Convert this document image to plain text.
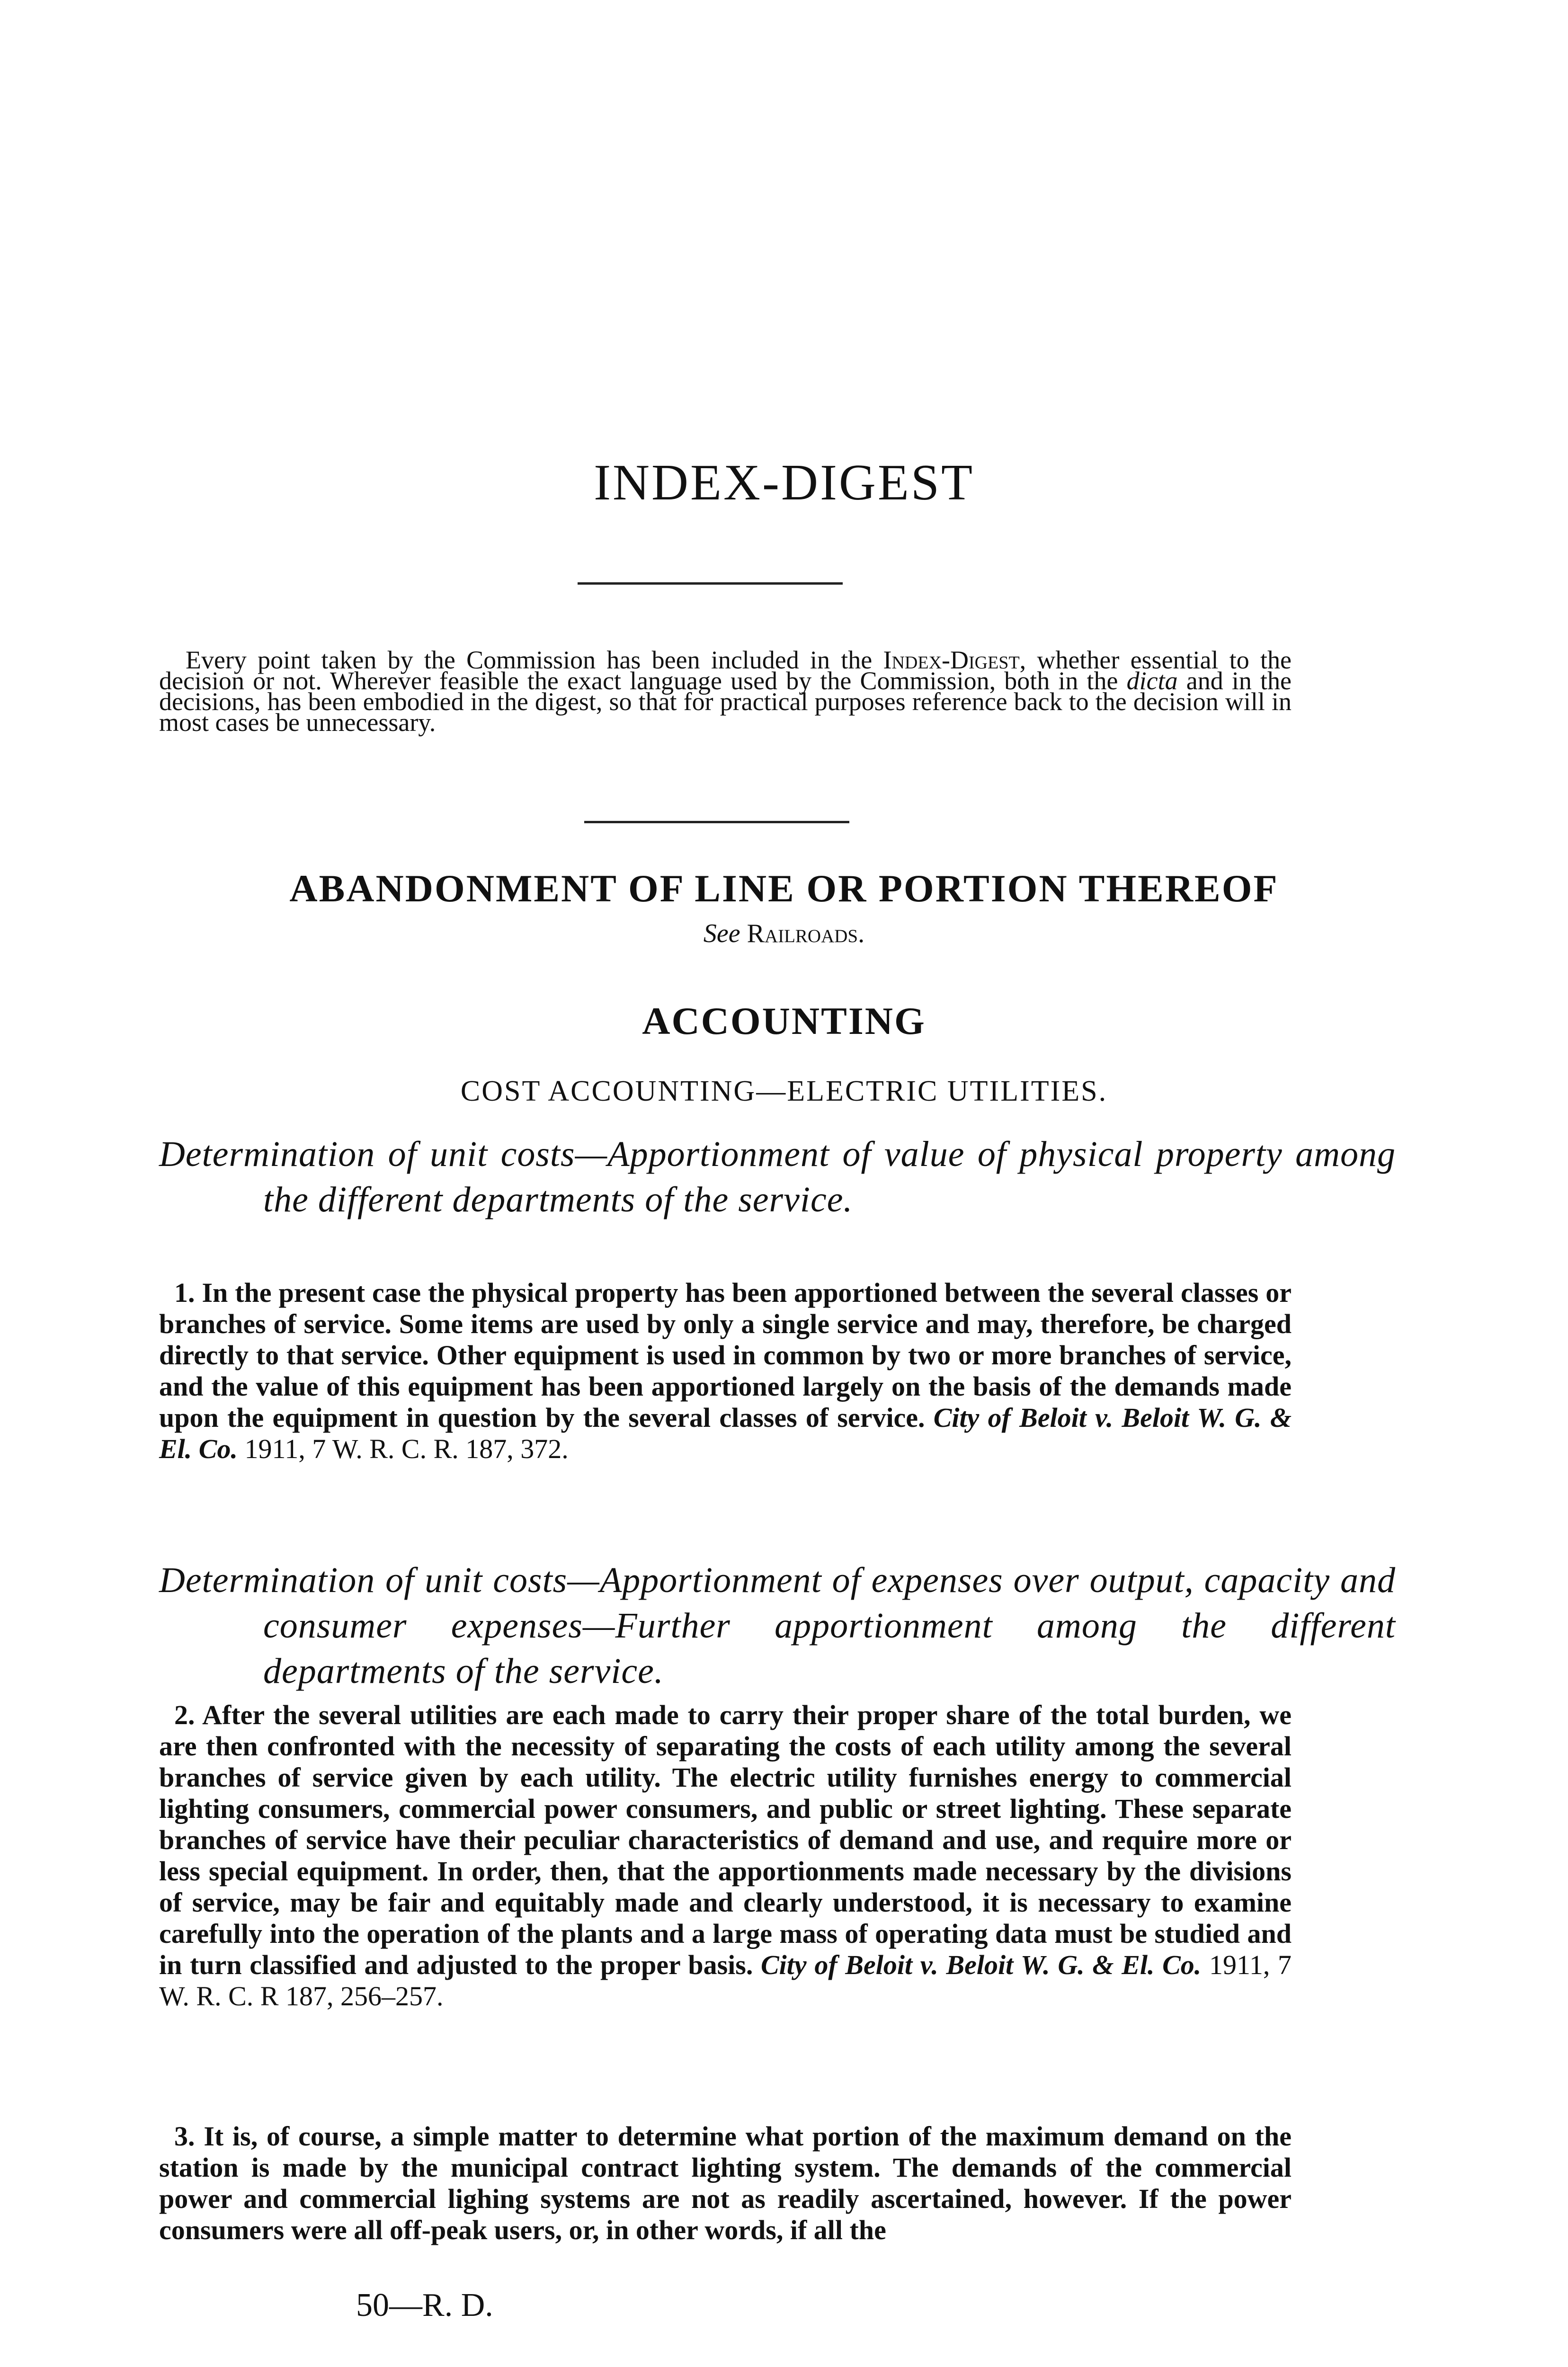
INDEX-DIGEST

Every point taken by the Commission has been included in the Index-Digest, whether essential to the decision or not. Wherever feasible the exact language used by the Commission, both in the dicta and in the decisions, has been embodied in the digest, so that for practical purposes reference back to the decision will in most cases be unnecessary.

ABANDONMENT OF LINE OR PORTION THEREOF

See Railroads.

ACCOUNTING

COST ACCOUNTING—ELECTRIC UTILITIES.

Determination of unit costs—Apportionment of value of physical property among the different departments of the service.

1. In the present case the physical property has been apportioned between the several classes or branches of service. Some items are used by only a single service and may, therefore, be charged directly to that service. Other equipment is used in common by two or more branches of service, and the value of this equipment has been apportioned largely on the basis of the demands made upon the equipment in question by the several classes of service. City of Beloit v. Beloit W. G. & El. Co. 1911, 7 W. R. C. R. 187, 372.

Determination of unit costs—Apportionment of expenses over output, capacity and consumer expenses—Further apportionment among the different departments of the service.

2. After the several utilities are each made to carry their proper share of the total burden, we are then confronted with the necessity of separating the costs of each utility among the several branches of service given by each utility. The electric utility furnishes energy to commercial lighting consumers, commercial power consumers, and public or street lighting. These separate branches of service have their peculiar characteristics of demand and use, and require more or less special equipment. In order, then, that the apportionments made necessary by the divisions of service, may be fair and equitably made and clearly understood, it is necessary to examine carefully into the operation of the plants and a large mass of operating data must be studied and in turn classified and adjusted to the proper basis. City of Beloit v. Beloit W. G. & El. Co. 1911, 7 W. R. C. R 187, 256–257.

3. It is, of course, a simple matter to determine what portion of the maximum demand on the station is made by the municipal contract lighting system. The demands of the commercial power and commercial lighing systems are not as readily ascertained, however. If the power consumers were all off-peak users, or, in other words, if all the

50—R. D.
